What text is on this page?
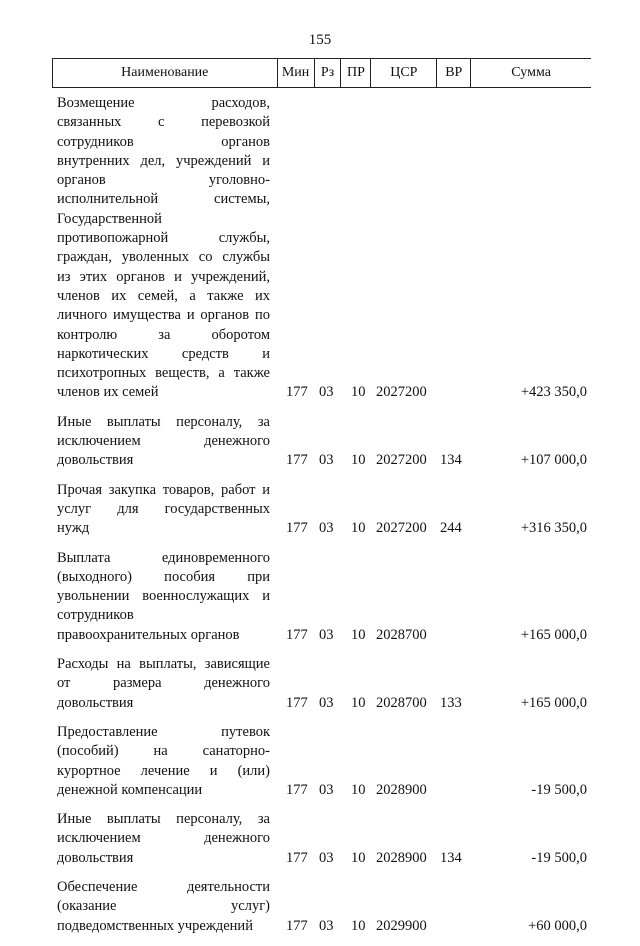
155
Наименование	Мин Рз ПР	ЦСР	ВР	Сумма
Возмещение расходов,
связанных с перевозкой
сотрудников органов
внутренних дел, учреждений и
органов уголовно-
исполнительной системы,
Государственной
противопожарной службы,
граждан, уволенных со службы
из этих органов и учреждений,
членов их семей, а также их
личного имущества и органов по
контролю за оборотом
наркотических средств и
психотропных веществ, а также
членов их семей	177 03 10 2027200	+423 350,0
Иные выплаты персоналу, за
исключением денежного
довольствия	177 03 10 2027200 134	+107 000,0
Прочая закупка товаров, работ и
услуг для государственных
нужд	177 03 10 2027200 244	+316 350,0
Выплата единовременного
(выходного) пособия при
увольнении военнослужащих и
сотрудников
правоохранительных органов	177 03 10 2028700	+165 000,0
Расходы на выплаты, зависящие
от размера денежного
довольствия	177 03 10 2028700 133	+165 000,0
Предоставление путевок
(пособий) на санаторно-
курортное лечение и (или)
денежной компенсации	177 03 10 2028900	-19 500,0
Иные выплаты персоналу, за
исключением денежного
довольствия	177 03 10 2028900 134	-19 500,0
Обеспечение деятельности
(оказание услуг)
подведомственных учреждений	177 03 10 2029900	+60 000,0
